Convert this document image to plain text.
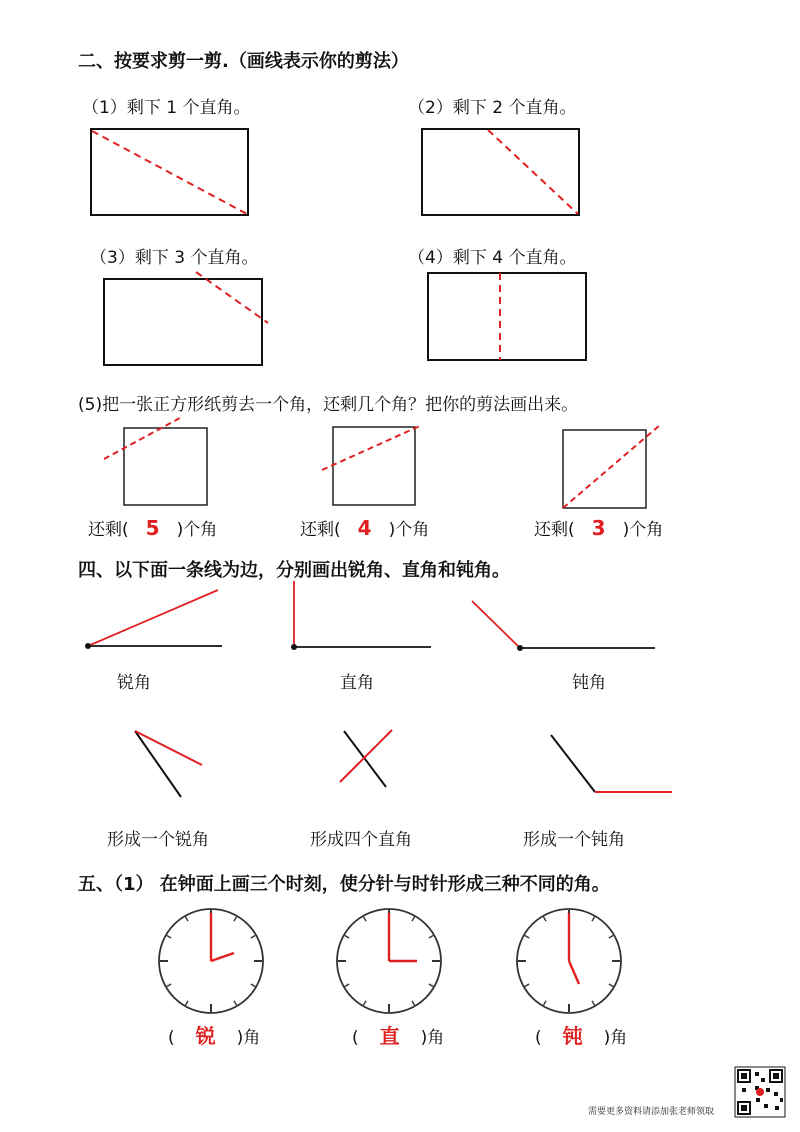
二、按要求剪一剪.（画线表示你的剪法）
（1）剩下 1 个直角。	（2）剩下 2 个直角。
（3）剩下 3 个直角。	（4）剩下 4 个直角。
(5)把一张正方形纸剪去一个角，还剩几个角？把你的剪法画出来。
还剩( 5 )个角	还剩( 4 )个角	还剩( 3 )个角
四、以下面一条线为边，分别画出锐角、直角和钝角。
锐角	直角	钝角
形成一个锐角	形成四个直角	形成一个钝角
五、（1） 在钟面上画三个时刻，使分针与时针形成三种不同的角。
( 锐 )角	( 直 )角	( 钝 )角
需要更多资料请添加张老师领取
